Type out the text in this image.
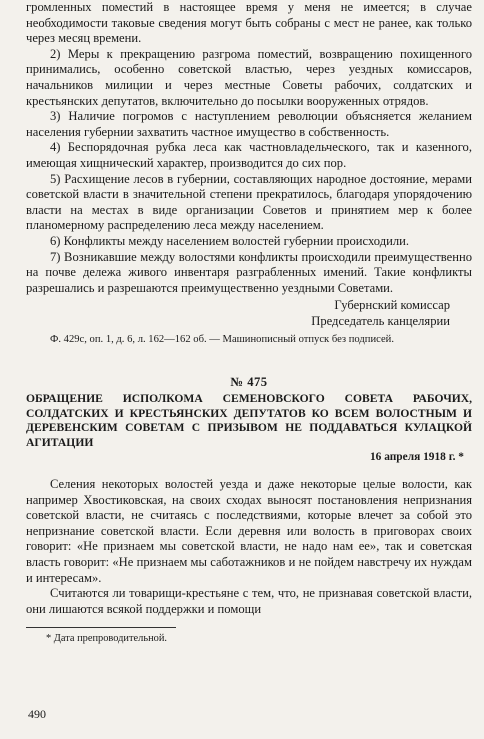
громленных поместий в настоящее время у меня не имеется; в случае необходимости таковые сведения могут быть собраны с мест не ранее, как только через месяц времени.

2) Меры к прекращению разгрома поместий, возвращению похищенного принимались, особенно советской властью, через уездных комиссаров, начальников милиции и через местные Советы рабочих, солдатских и крестьянских депутатов, включительно до посылки вооруженных отрядов.

3) Наличие погромов с наступлением революции объясняется желанием населения губернии захватить частное имущество в собственность.

4) Беспорядочная рубка леса как частновладельческого, так и казенного, имеющая хищнический характер, производится до сих пор.

5) Расхищение лесов в губернии, составляющих народное достояние, мерами советской власти в значительной степени прекратилось, благодаря упорядочению власти на местах в виде организации Советов и принятием мер к более планомерному распределению леса между населением.

6) Конфликты между населением волостей губернии происходили.

7) Возникавшие между волостями конфликты происходили преимущественно на почве дележа живого инвентаря разграбленных имений. Такие конфликты разрешались и разрешаются преимущественно уездными Советами.

Губернский комиссар

Председатель канцелярии

Ф. 429с, оп. 1, д. 6, л. 162—162 об. — Машинописный отпуск без подписей.

№ 475
ОБРАЩЕНИЕ ИСПОЛКОМА СЕМЕНОВСКОГО СОВЕТА РАБОЧИХ, СОЛДАТСКИХ И КРЕСТЬЯНСКИХ ДЕПУТАТОВ КО ВСЕМ ВОЛОСТНЫМ И ДЕРЕВЕНСКИМ СОВЕТАМ С ПРИЗЫВОМ НЕ ПОДДАВАТЬСЯ КУЛАЦКОЙ АГИТАЦИИ
16 апреля 1918 г. *

Селения некоторых волостей уезда и даже некоторые целые волости, как например Хвостиковская, на своих сходах выносят постановления непризнания советской власти, не считаясь с последствиями, которые влечет за собой это непризнание советской власти. Если деревня или волость в приговорах своих говорит: «Не признаем мы советской власти, не надо нам ее», так и советская власть говорит: «Не признаем мы саботажников и не пойдем навстречу их нуждам и интересам».

Считаются ли товарищи-крестьяне с тем, что, не признавая советской власти, они лишаются всякой поддержки и помощи

* Дата препроводительной.
490
